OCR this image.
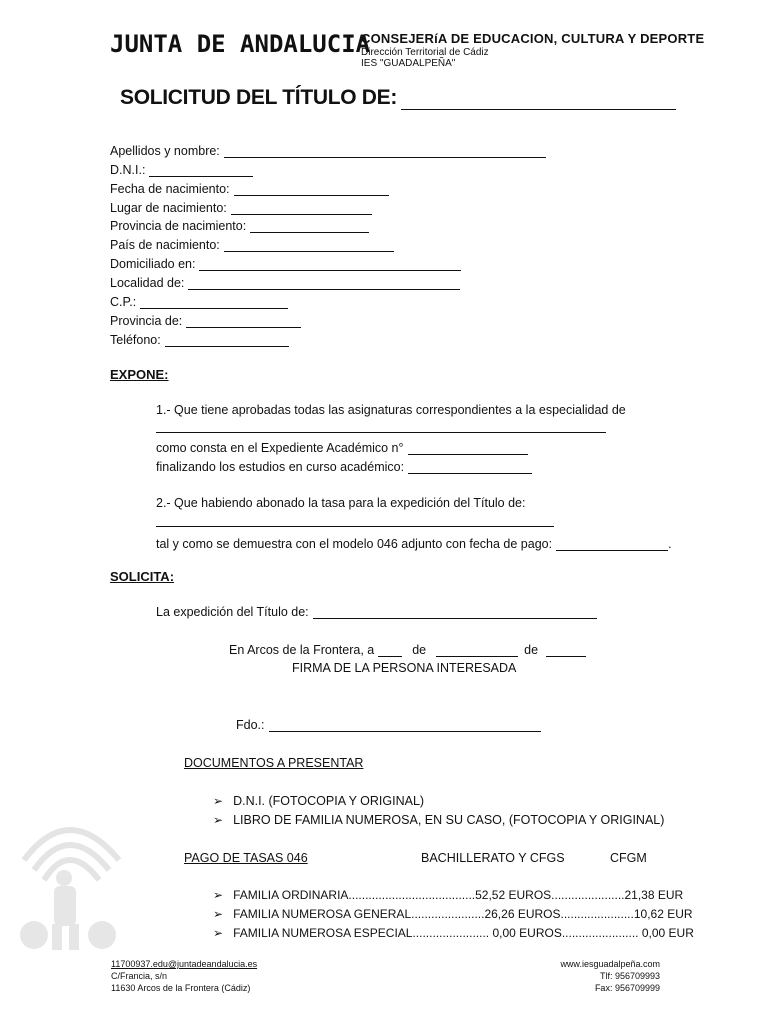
JUNTA DE ANDALUCIA
CONSEJERíA DE EDUCACION, CULTURA Y DEPORTE
Dirección Territorial de Cádiz
IES "GUADALPEÑA"
SOLICITUD DEL TÍTULO DE:
Apellidos y nombre:
D.N.I.:
Fecha de nacimiento:
Lugar de nacimiento:
Provincia de nacimiento:
País de nacimiento:
Domiciliado en:
Localidad de:
C.P.:
Provincia de:
Teléfono:
EXPONE:
1.- Que tiene aprobadas todas las asignaturas correspondientes a la especialidad de
como consta en el Expediente Académico n°
finalizando los estudios en curso académico:
2.- Que habiendo abonado la tasa para la expedición del Título de:
tal y como se demuestra con el modelo 046 adjunto con fecha de pago:	.
SOLICITA:
La expedición del Título de:
En Arcos de la Frontera, a	de	de
FIRMA DE LA PERSONA INTERESADA
Fdo.:
DOCUMENTOS A PRESENTAR
➢ D.N.I. (FOTOCOPIA Y ORIGINAL)
➢ LIBRO DE FAMILIA NUMEROSA, EN SU CASO, (FOTOCOPIA Y ORIGINAL)
PAGO DE TASAS 046	BACHILLERATO Y CFGS	CFGM
➢ FAMILIA ORDINARIA......................................52,52 EUROS......................21,38 EUR
➢ FAMILIA NUMEROSA GENERAL......................26,26 EUROS......................10,62 EUR
➢ FAMILIA NUMEROSA ESPECIAL....................... 0,00 EUROS....................... 0,00 EUR
11700937.edu@juntadeandalucia.es
C/Francia, s/n
11630 Arcos de la Frontera (Cádiz)
www.iesguadalpeña.com
Tlf: 956709993
Fax: 956709999
